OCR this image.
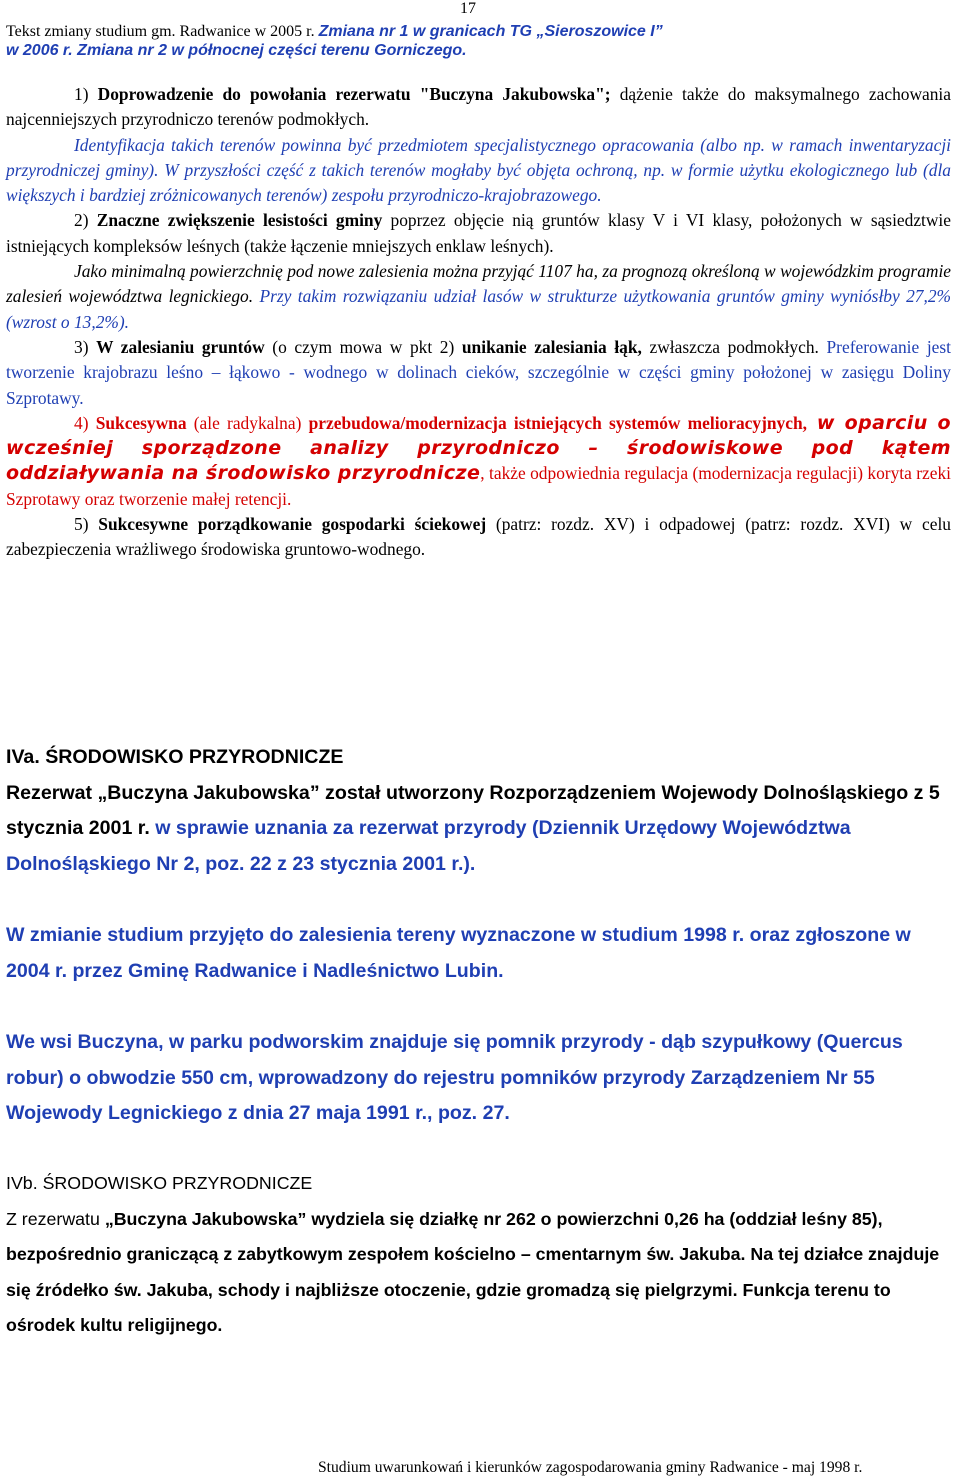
17
Tekst zmiany studium gm. Radwanice w 2005 r. Zmiana nr 1 w granicach TG „Sieroszowice I”
w 2006 r. Zmiana nr 2 w północnej części terenu Gorniczego.

1) Doprowadzenie do powołania rezerwatu "Buczyna Jakubowska"; dążenie także do maksymalnego zachowania najcenniejszych przyrodniczo terenów podmokłych.

Identyfikacja takich terenów powinna być przedmiotem specjalistycznego opracowania (albo np. w ramach inwentaryzacji przyrodniczej gminy). W przyszłości część z takich terenów mogłaby być objęta ochroną, np. w formie użytku ekologicznego lub (dla większych i bardziej zróżnicowanych terenów) zespołu przyrodniczo-krajobrazowego.

2) Znaczne zwiększenie lesistości gminy poprzez objęcie nią gruntów klasy V i VI klasy, położonych w sąsiedztwie istniejących kompleksów leśnych (także łączenie mniejszych enklaw leśnych).

Jako minimalną powierzchnię pod nowe zalesienia można przyjąć 1107 ha, za prognozą określoną w wojewódzkim programie zalesień województwa legnickiego. Przy takim rozwiązaniu udział lasów w strukturze użytkowania gruntów gminy wyniósłby 27,2% (wzrost o 13,2%).

3) W zalesianiu gruntów (o czym mowa w pkt 2) unikanie zalesiania łąk, zwłaszcza podmokłych. Preferowanie jest tworzenie krajobrazu leśno – łąkowo - wodnego w dolinach cieków, szczególnie w części gminy położonej w zasięgu Doliny Szprotawy.

4) Sukcesywna (ale radykalna) przebudowa/modernizacja istniejących systemów melioracyjnych, w oparciu o wcześniej sporządzone analizy przyrodniczo – środowiskowe pod kątem oddziaływania na środowisko przyrodnicze, także odpowiednia regulacja (modernizacja regulacji) koryta rzeki Szprotawy oraz tworzenie małej retencji.

5) Sukcesywne porządkowanie gospodarki ściekowej (patrz: rozdz. XV) i odpadowej (patrz: rozdz. XVI) w celu zabezpieczenia wrażliwego środowiska gruntowo-wodnego.

IVa. ŚRODOWISKO PRZYRODNICZE

Rezerwat „Buczyna Jakubowska” został utworzony Rozporządzeniem Wojewody Dolnośląskiego z 5 stycznia 2001 r. w sprawie uznania za rezerwat przyrody (Dziennik Urzędowy Województwa Dolnośląskiego Nr 2, poz. 22 z 23 stycznia 2001 r.).

W zmianie studium przyjęto do zalesienia tereny wyznaczone w studium 1998 r. oraz zgłoszone w 2004 r. przez Gminę Radwanice i Nadleśnictwo Lubin.

We wsi Buczyna, w parku podworskim znajduje się pomnik przyrody - dąb szypułkowy (Quercus robur) o obwodzie 550 cm, wprowadzony do rejestru pomników przyrody Zarządzeniem Nr 55 Wojewody Legnickiego z dnia 27 maja 1991 r., poz. 27.

IVb. ŚRODOWISKO PRZYRODNICZE

Z rezerwatu „Buczyna Jakubowska” wydziela się działkę nr 262 o powierzchni 0,26 ha (oddział leśny 85), bezpośrednio graniczącą z zabytkowym zespołem kościelno – cmentarnym św. Jakuba. Na tej działce znajduje się źródełko św. Jakuba, schody i najbliższe otoczenie, gdzie gromadzą się pielgrzymi. Funkcja terenu to ośrodek kultu religijnego.

Studium uwarunkowań i kierunków zagospodarowania gminy Radwanice - maj 1998 r.
